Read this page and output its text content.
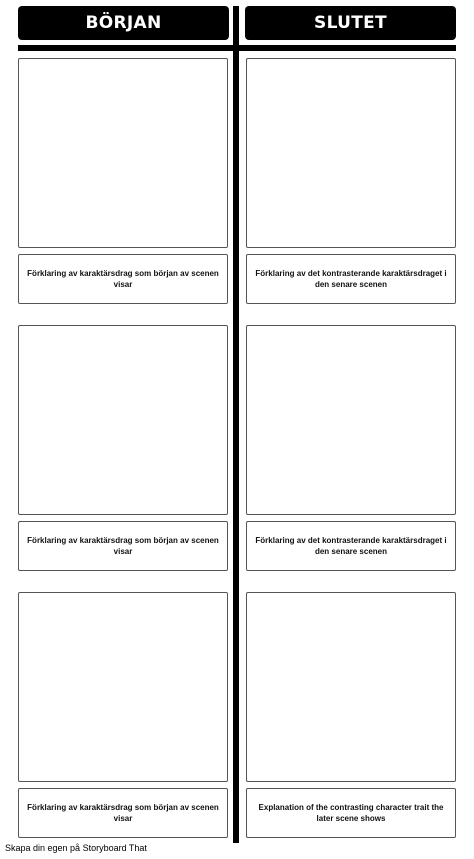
BÖRJAN	SLUTET
Förklaring av karaktärsdrag som början av scenen visar
Förklaring av det kontrasterande karaktärsdraget i den senare scenen
Förklaring av karaktärsdrag som början av scenen visar
Förklaring av det kontrasterande karaktärsdraget i den senare scenen
Förklaring av karaktärsdrag som början av scenen visar
Explanation of the contrasting character trait the later scene shows
Skapa din egen på Storyboard That
